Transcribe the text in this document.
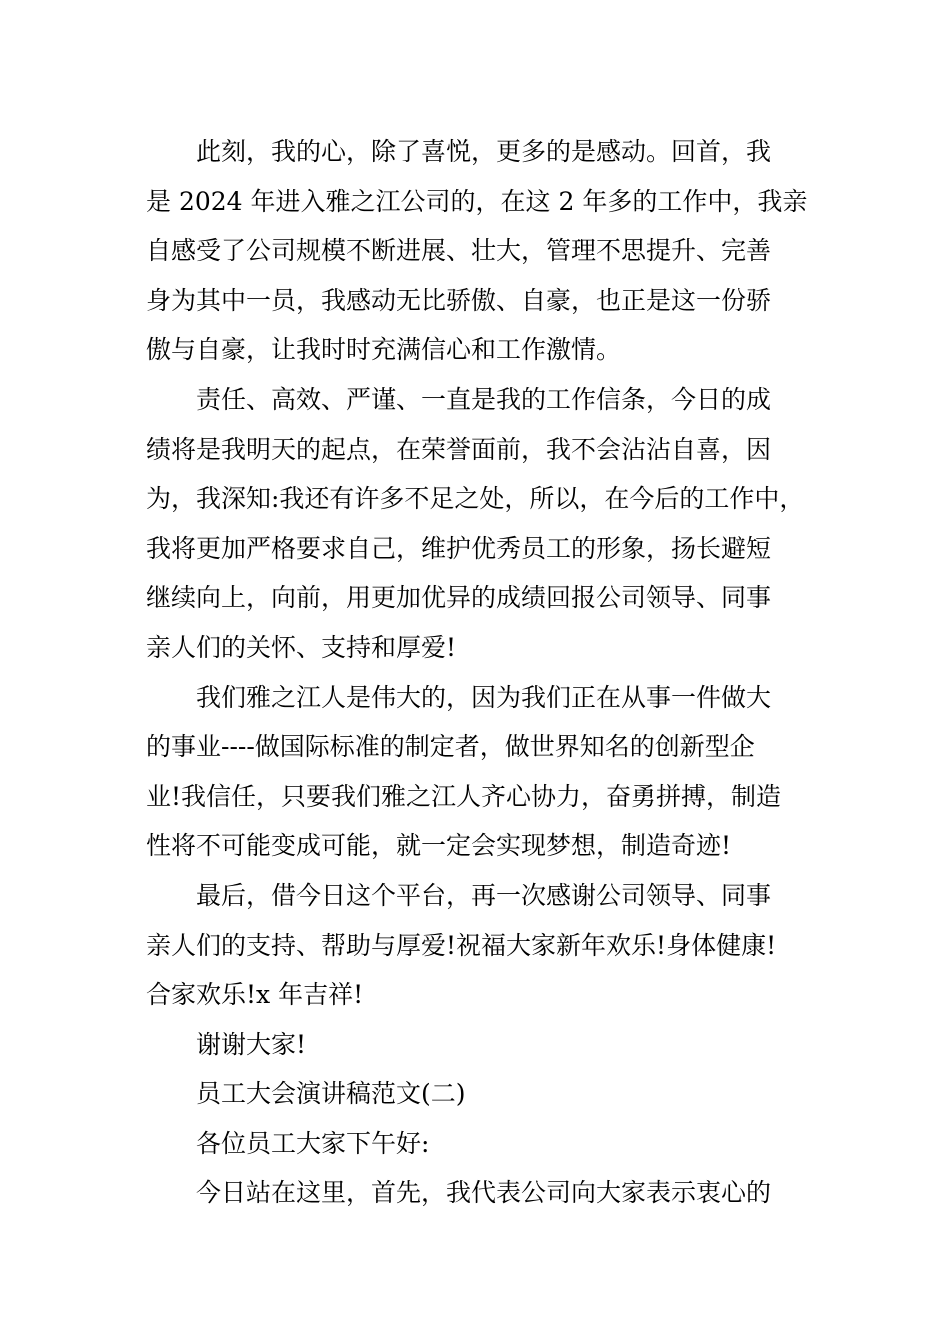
此刻，我的心，除了喜悦，更多的是感动。回首，我
是 2024 年进入雅之江公司的，在这 2 年多的工作中，我亲
自感受了公司规模不断进展、壮大，管理不思提升、完善
身为其中一员，我感动无比骄傲、自豪，也正是这一份骄
傲与自豪，让我时时充满信心和工作激情。
责任、高效、严谨、一直是我的工作信条，今日的成
绩将是我明天的起点，在荣誉面前，我不会沾沾自喜，因
为，我深知:我还有许多不足之处，所以，在今后的工作中，
我将更加严格要求自己，维护优秀员工的形象，扬长避短
继续向上，向前，用更加优异的成绩回报公司领导、同事
亲人们的关怀、支持和厚爱!
我们雅之江人是伟大的，因为我们正在从事一件做大
的事业----做国际标准的制定者，做世界知名的创新型企
业!我信任，只要我们雅之江人齐心协力，奋勇拼搏，制造
性将不可能变成可能，就一定会实现梦想，制造奇迹!
最后，借今日这个平台，再一次感谢公司领导、同事
亲人们的支持、帮助与厚爱!祝福大家新年欢乐!身体健康!
合家欢乐!x 年吉祥!
谢谢大家!
员工大会演讲稿范文(二)
各位员工大家下午好:
今日站在这里，首先，我代表公司向大家表示衷心的
